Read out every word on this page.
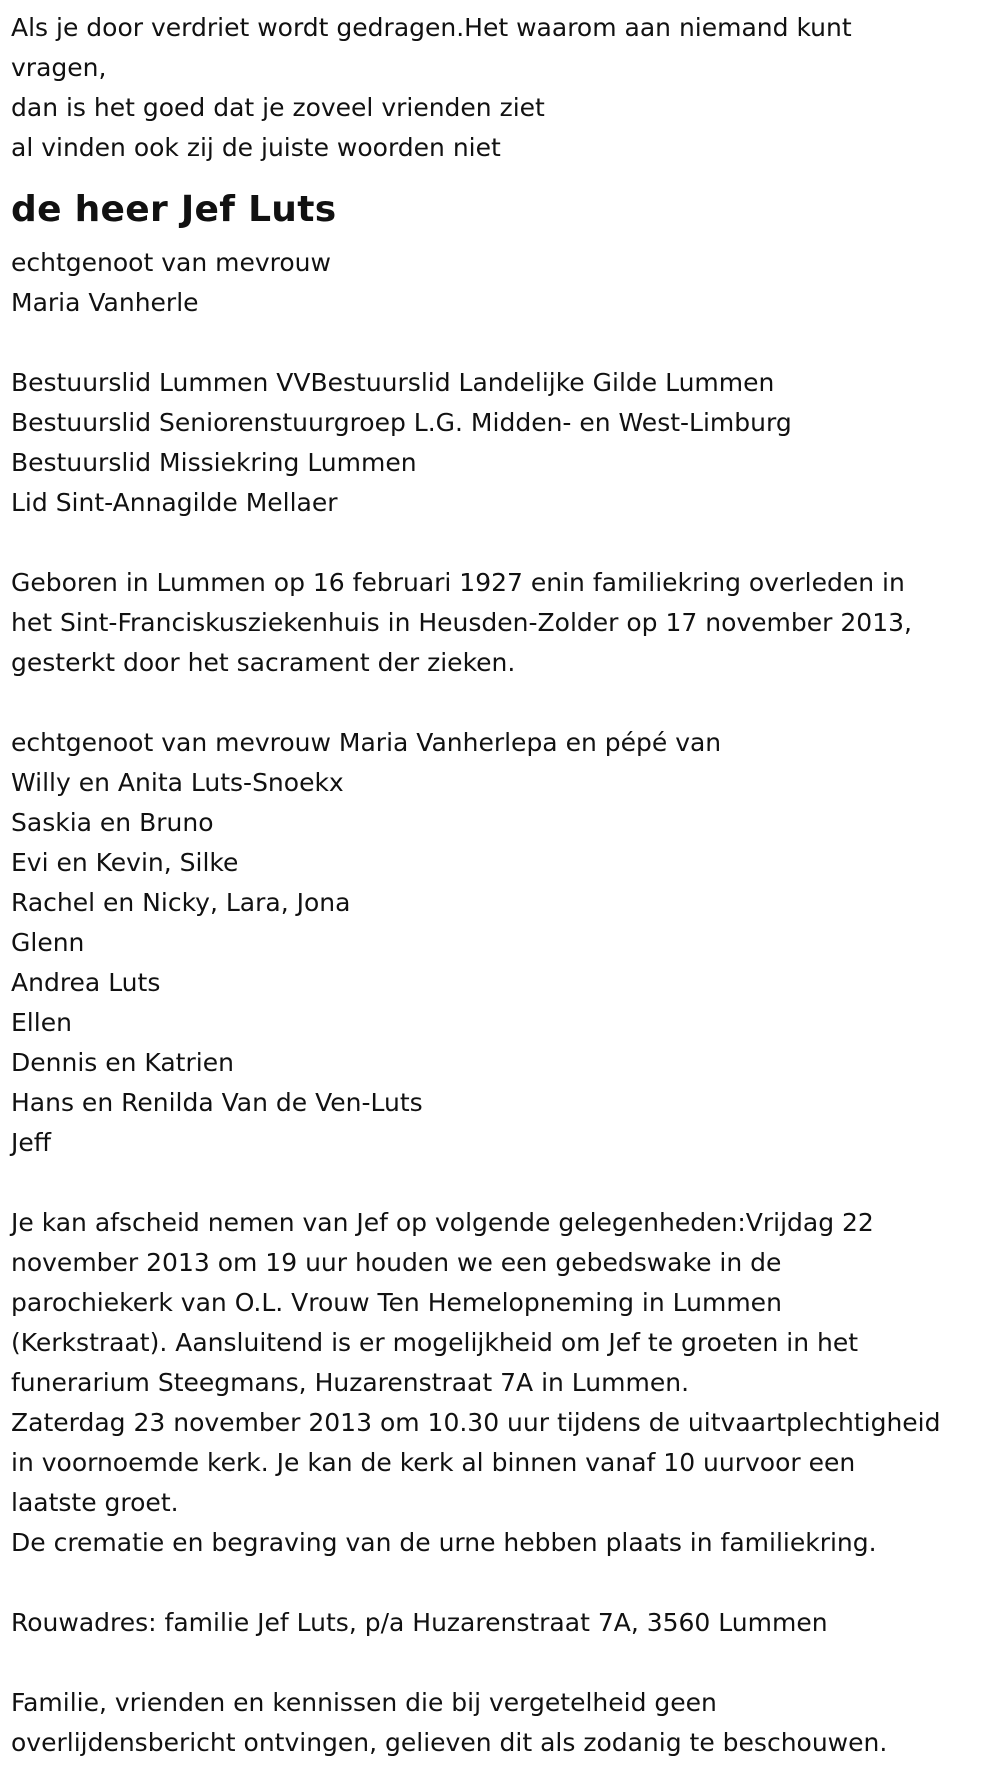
Als je door verdriet wordt gedragen.Het waarom aan niemand kunt
vragen,
dan is het goed dat je zoveel vrienden ziet
al vinden ook zij de juiste woorden niet
de heer Jef Luts
echtgenoot van mevrouw
Maria Vanherle
Bestuurslid Lummen VVBestuurslid Landelijke Gilde Lummen
Bestuurslid Seniorenstuurgroep L.G. Midden- en West-Limburg
Bestuurslid Missiekring Lummen
Lid Sint-Annagilde Mellaer
Geboren in Lummen op 16 februari 1927 enin familiekring overleden in
het Sint-Franciskusziekenhuis in Heusden-Zolder op 17 november 2013,
gesterkt door het sacrament der zieken.
echtgenoot van mevrouw Maria Vanherlepa en pépé van
Willy en Anita Luts-Snoekx
Saskia en Bruno
Evi en Kevin, Silke
Rachel en Nicky, Lara, Jona
Glenn
Andrea Luts
Ellen
Dennis en Katrien
Hans en Renilda Van de Ven-Luts
Jeff
Je kan afscheid nemen van Jef op volgende gelegenheden:Vrijdag 22
november 2013 om 19 uur houden we een gebedswake in de
parochiekerk van O.L. Vrouw Ten Hemelopneming in Lummen
(Kerkstraat). Aansluitend is er mogelijkheid om Jef te groeten in het
funerarium Steegmans, Huzarenstraat 7A in Lummen.
Zaterdag 23 november 2013 om 10.30 uur tijdens de uitvaartplechtigheid
in voornoemde kerk. Je kan de kerk al binnen vanaf 10 uurvoor een
laatste groet.
De crematie en begraving van de urne hebben plaats in familiekring.
Rouwadres: familie Jef Luts, p/a Huzarenstraat 7A, 3560 Lummen
Familie, vrienden en kennissen die bij vergetelheid geen
overlijdensbericht ontvingen, gelieven dit als zodanig te beschouwen.
